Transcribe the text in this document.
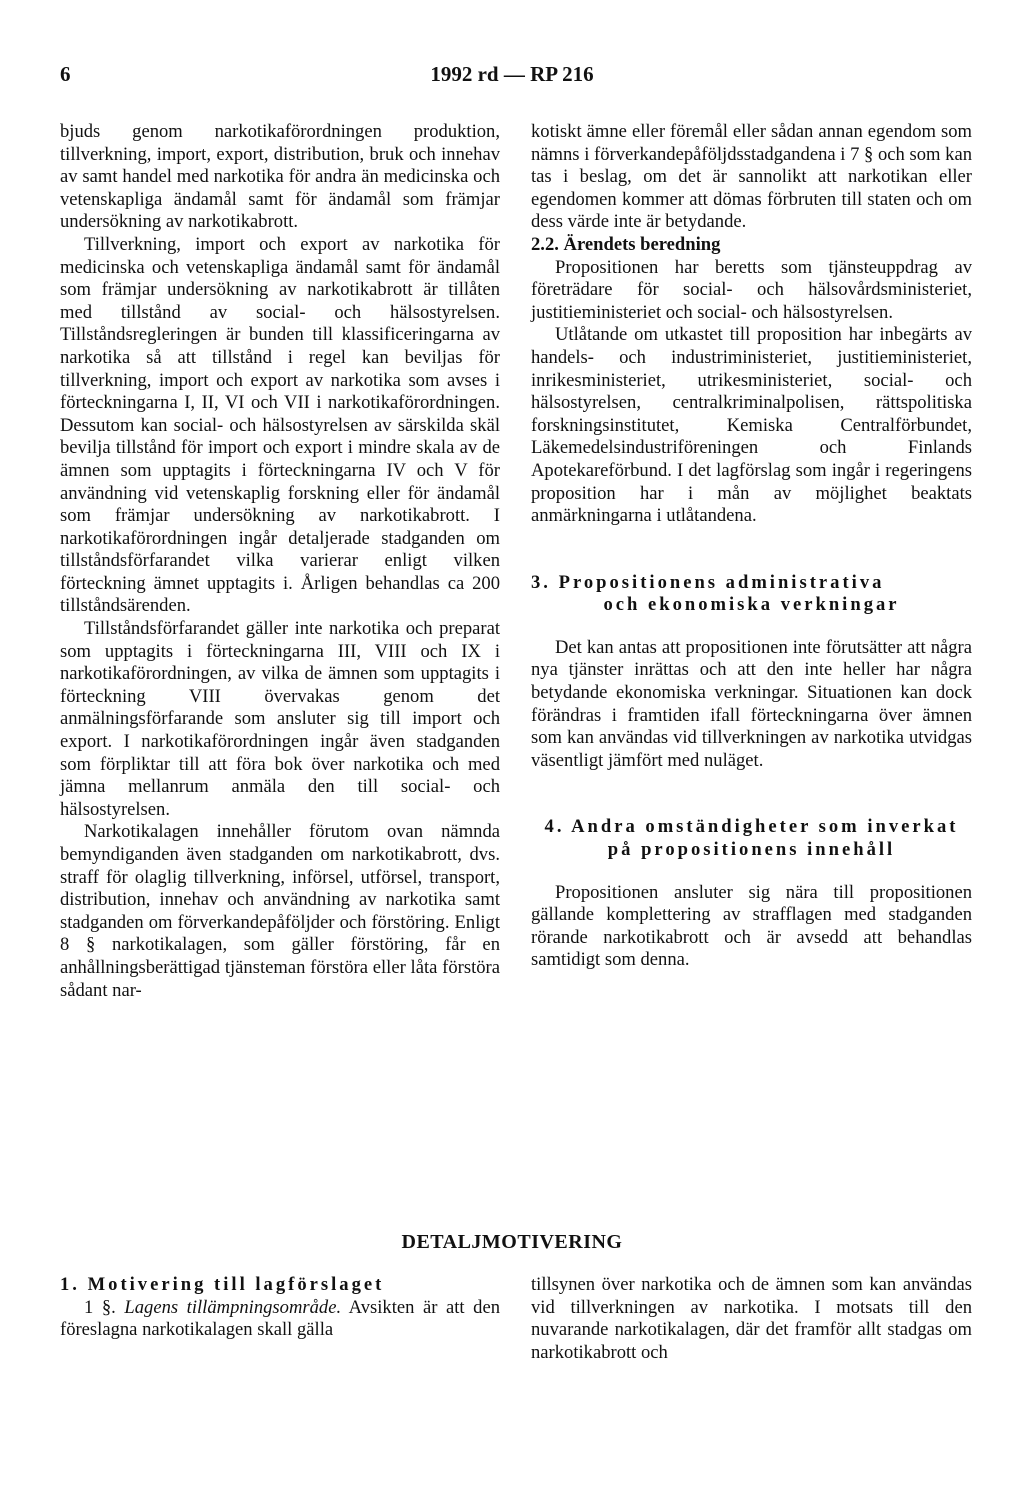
6	1992 rd — RP 216

bjuds genom narkotikaförordningen produktion, tillverkning, import, export, distribution, bruk och innehav av samt handel med narkotika för andra än medicinska och vetenskapliga ändamål samt för ändamål som främjar undersökning av narkotikabrott.

Tillverkning, import och export av narkotika för medicinska och vetenskapliga ändamål samt för ändamål som främjar undersökning av narkotikabrott är tillåten med tillstånd av social- och hälsostyrelsen. Tillståndsregleringen är bunden till klassificeringarna av narkotika så att tillstånd i regel kan beviljas för tillverkning, import och export av narkotika som avses i förteckningarna I, II, VI och VII i narkotikaförordningen. Dessutom kan social- och hälsostyrelsen av särskilda skäl bevilja tillstånd för import och export i mindre skala av de ämnen som upptagits i förteckningarna IV och V för användning vid vetenskaplig forskning eller för ändamål som främjar undersökning av narkotikabrott. I narkotikaförordningen ingår detaljerade stadganden om tillståndsförfarandet vilka varierar enligt vilken förteckning ämnet upptagits i. Årligen behandlas ca 200 tillståndsärenden.

Tillståndsförfarandet gäller inte narkotika och preparat som upptagits i förteckningarna III, VIII och IX i narkotikaförordningen, av vilka de ämnen som upptagits i förteckning VIII övervakas genom det anmälningsförfarande som ansluter sig till import och export. I narkotikaförordningen ingår även stadganden som förpliktar till att föra bok över narkotika och med jämna mellanrum anmäla den till social- och hälsostyrelsen.

Narkotikalagen innehåller förutom ovan nämnda bemyndiganden även stadganden om narkotikabrott, dvs. straff för olaglig tillverkning, införsel, utförsel, transport, distribution, innehav och användning av narkotika samt stadganden om förverkandepåföljder och förstöring. Enligt 8 § narkotikalagen, som gäller förstöring, får en anhållningsberättigad tjänsteman förstöra eller låta förstöra sådant nar-

kotiskt ämne eller föremål eller sådan annan egendom som nämns i förverkandepåföljdsstadgandena i 7 § och som kan tas i beslag, om det är sannolikt att narkotikan eller egendomen kommer att dömas förbruten till staten och om dess värde inte är betydande.

2.2. Ärendets beredning

Propositionen har beretts som tjänsteuppdrag av företrädare för social- och hälsovårdsministeriet, justitieministeriet och social- och hälsostyrelsen.

Utlåtande om utkastet till proposition har inbegärts av handels- och industriministeriet, justitieministeriet, inrikesministeriet, utrikesministeriet, social- och hälsostyrelsen, centralkriminalpolisen, rättspolitiska forskningsinstitutet, Kemiska Centralförbundet, Läkemedelsindustriföreningen och Finlands Apotekareförbund. I det lagförslag som ingår i regeringens proposition har i mån av möjlighet beaktats anmärkningarna i utlåtandena.

3. Propositionens administrativa
och ekonomiska verkningar

Det kan antas att propositionen inte förutsätter att några nya tjänster inrättas och att den inte heller har några betydande ekonomiska verkningar. Situationen kan dock förändras i framtiden ifall förteckningarna över ämnen som kan användas vid tillverkningen av narkotika utvidgas väsentligt jämfört med nuläget.

4. Andra omständigheter som inverkat på propositionens innehåll

Propositionen ansluter sig nära till propositionen gällande komplettering av strafflagen med stadganden rörande narkotikabrott och är avsedd att behandlas samtidigt som denna.

DETALJMOTIVERING

1. Motivering till lagförslaget

1 §. Lagens tillämpningsområde. Avsikten är att den föreslagna narkotikalagen skall gälla

tillsynen över narkotika och de ämnen som kan användas vid tillverkningen av narkotika. I motsats till den nuvarande narkotikalagen, där det framför allt stadgas om narkotikabrott och
